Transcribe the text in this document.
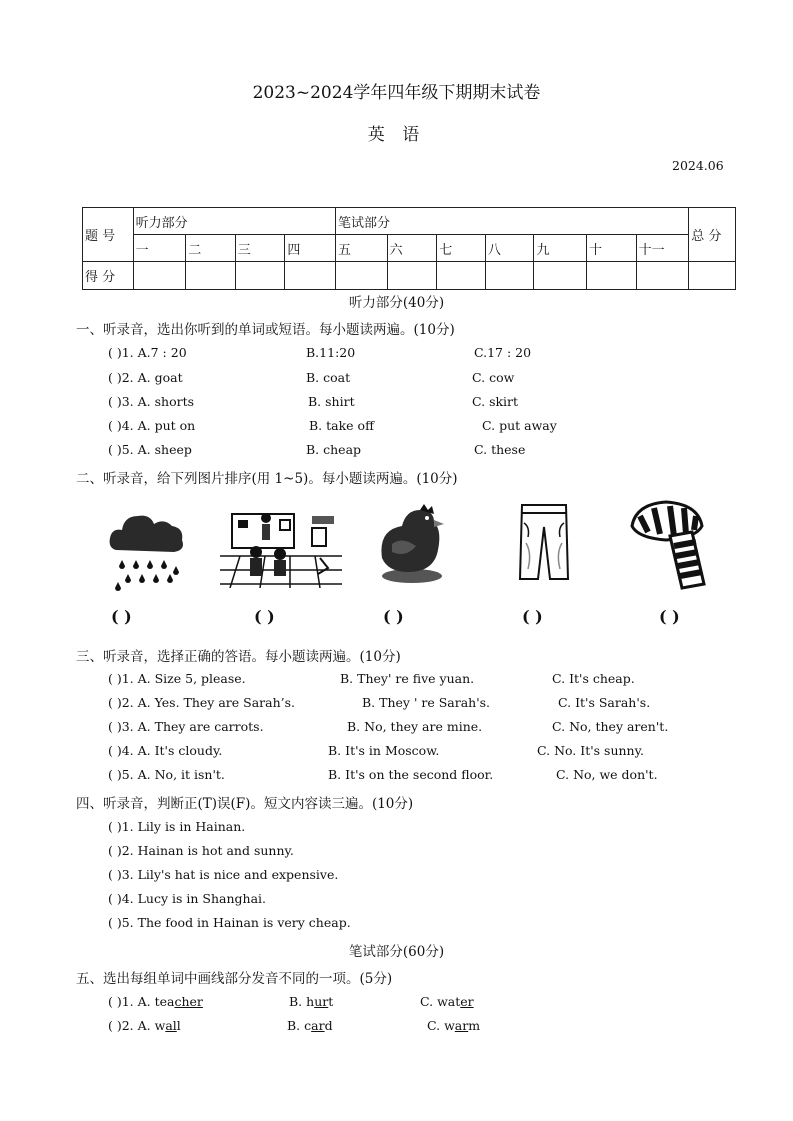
2023~2024学年四年级下期期末试卷
英 语
2024.06
题 号	听力部分				笔试部分							总 分
	一	二	三	四	五	六	七	八	九	十	十一	
得 分												
听力部分(40分)
一、听录音，选出你听到的单词或短语。每小题读两遍。(10分)
( )1. A.7 : 20	B.11:20	C.17 : 20
( )2. A. goat	B. coat	C. cow
( )3. A. shorts	B. shirt	C. skirt
( )4. A. put on	B. take off	C. put away
( )5. A. sheep	B. cheap	C. these
二、听录音，给下列图片排序(用 1~5)。每小题读两遍。(10分)
( )	( )	( )	( )	( )
三、听录音，选择正确的答语。每小题读两遍。(10分)
( )1. A. Size 5, please.	B. They' re five yuan.	C. It's cheap.
( )2. A. Yes. They are Sarah’s.	B. They ' re Sarah's.	C. It's Sarah's.
( )3. A. They are carrots.	B. No, they are mine.	C. No, they aren't.
( )4. A. It's cloudy.	B. It's in Moscow.	C. No. It's sunny.
( )5. A. No, it isn't.	B. It's on the second floor.	C. No, we don't.
四、听录音，判断正(T)误(F)。短文内容读三遍。(10分)
( )1. Lily is in Hainan.
( )2. Hainan is hot and sunny.
( )3. Lily's hat is nice and expensive.
( )4. Lucy is in Shanghai.
( )5. The food in Hainan is very cheap.
笔试部分(60分)
五、选出每组单词中画线部分发音不同的一项。(5分)
( )1. A. teacher	B. hurt	C. water
( )2. A. wall	B. card	C. warm
